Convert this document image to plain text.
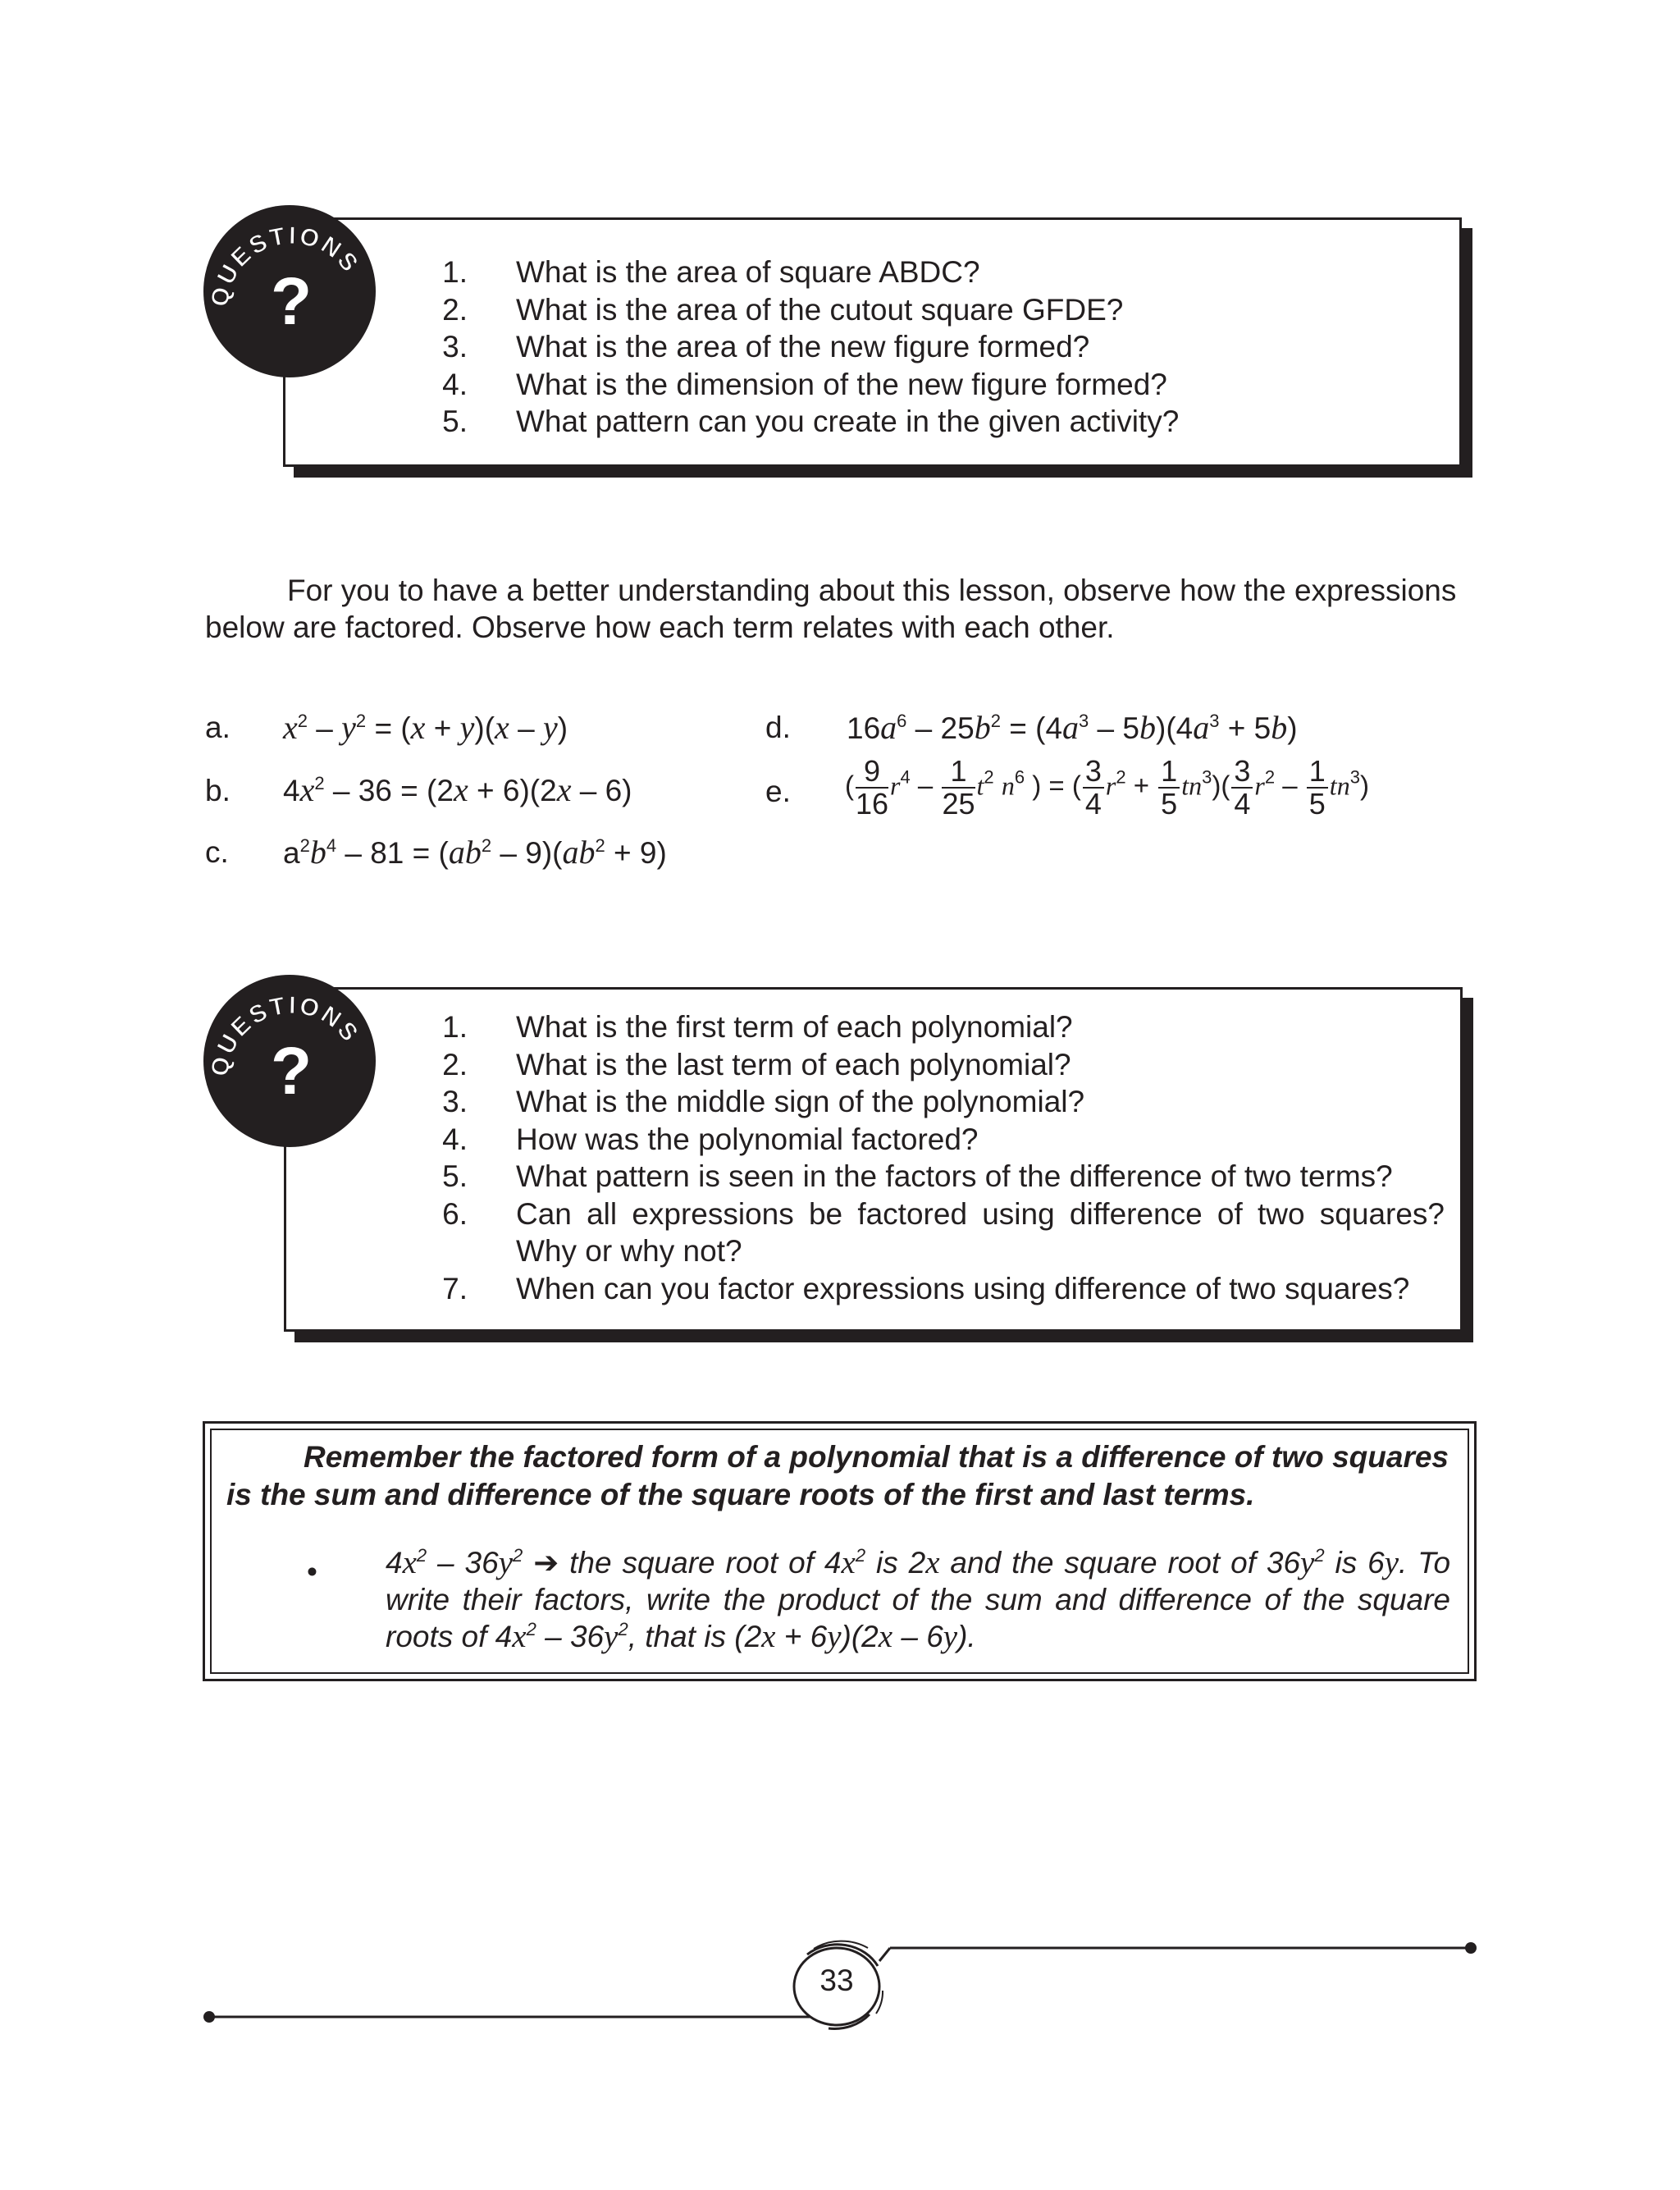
QUESTIONS
?	1. What is the area of square ABDC?
2. What is the area of the cutout square GFDE?
3. What is the area of the new figure formed?
4. What is the dimension of the new figure formed?
5. What pattern can you create in the given activity?

For you to have a better understanding about this lesson, observe how the expressions below are factored. Observe how each term relates with each other.

a. $x^2 - y^2 = (x + y)(x - y)$
b. $4x^2 - 36 = (2x + 6)(2x - 6)$
c. $a^2b^4 - 81 = (ab^2 - 9)(ab^2 + 9)$
d. $16a^6 - 25b^2 = (4a^3 - 5b)(4a^3 + 5b)$
e. ( $\frac{9}{16} r^4 - \frac{1}{25} t^2$ $n^6$ ) = ( $\frac{3}{4} r^2 + \frac{1}{5} tn^3)( \frac{3}{4} r^2 - \frac{1}{5} tn^3)$
QUESTIONS
?
1. What is the first term of each polynomial?
2. What is the last term of each polynomial?
3. What is the middle sign of the polynomial?
4. How was the polynomial factored?
5. What pattern is seen in the factors of the difference of two terms?
6. Can all expressions be factored using difference of two squares? Why or why not?
7. When can you factor expressions using difference of two squares?
Remember the factored form of a polynomial that is a difference of two squares is the sum and difference of the square roots of the first and last terms.
• $4x^2 - 36y^2$ ➔ the square root of $4x^2$ is 2x and the square root of $36y^2$ is 6y. To write their factors, write the product of the sum and difference of the square roots of $4x^2 - 36y^2$, that is (2x + 6y)(2x – 6y).
33
